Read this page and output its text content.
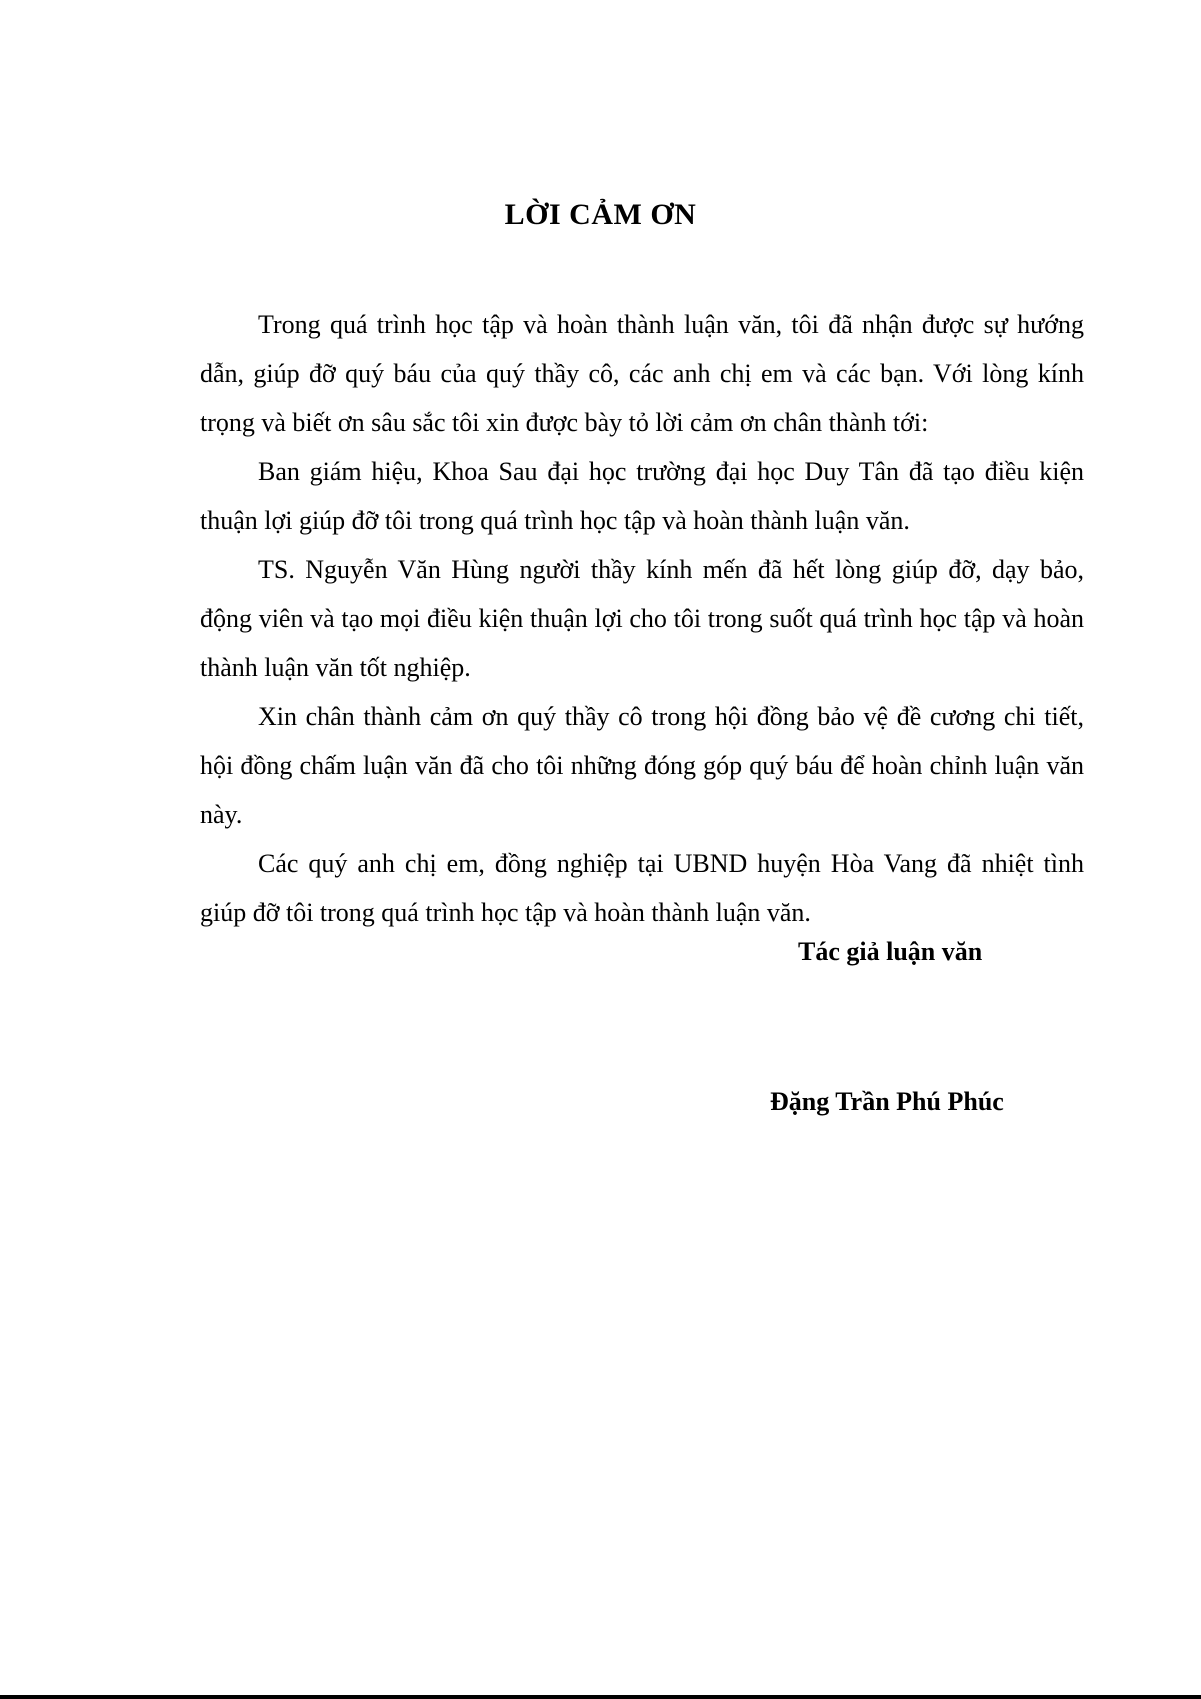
LỜI CẢM ƠN

Trong quá trình học tập và hoàn thành luận văn, tôi đã nhận được sự hướng dẫn, giúp đỡ quý báu của quý thầy cô, các anh chị em và các bạn. Với lòng kính trọng và biết ơn sâu sắc tôi xin được bày tỏ lời cảm ơn chân thành tới:

Ban giám hiệu, Khoa Sau đại học trường đại học Duy Tân đã tạo điều kiện thuận lợi giúp đỡ tôi trong quá trình học tập và hoàn thành luận văn.

TS. Nguyễn Văn Hùng người thầy kính mến đã hết lòng giúp đỡ, dạy bảo, động viên và tạo mọi điều kiện thuận lợi cho tôi trong suốt quá trình học tập và hoàn thành luận văn tốt nghiệp.

Xin chân thành cảm ơn quý thầy cô trong hội đồng bảo vệ đề cương chi tiết, hội đồng chấm luận văn đã cho tôi những đóng góp quý báu để hoàn chỉnh luận văn này.

Các quý anh chị em, đồng nghiệp tại UBND huyện Hòa Vang đã nhiệt tình giúp đỡ tôi trong quá trình học tập và hoàn thành luận văn.

Tác giả luận văn

Đặng Trần Phú Phúc
